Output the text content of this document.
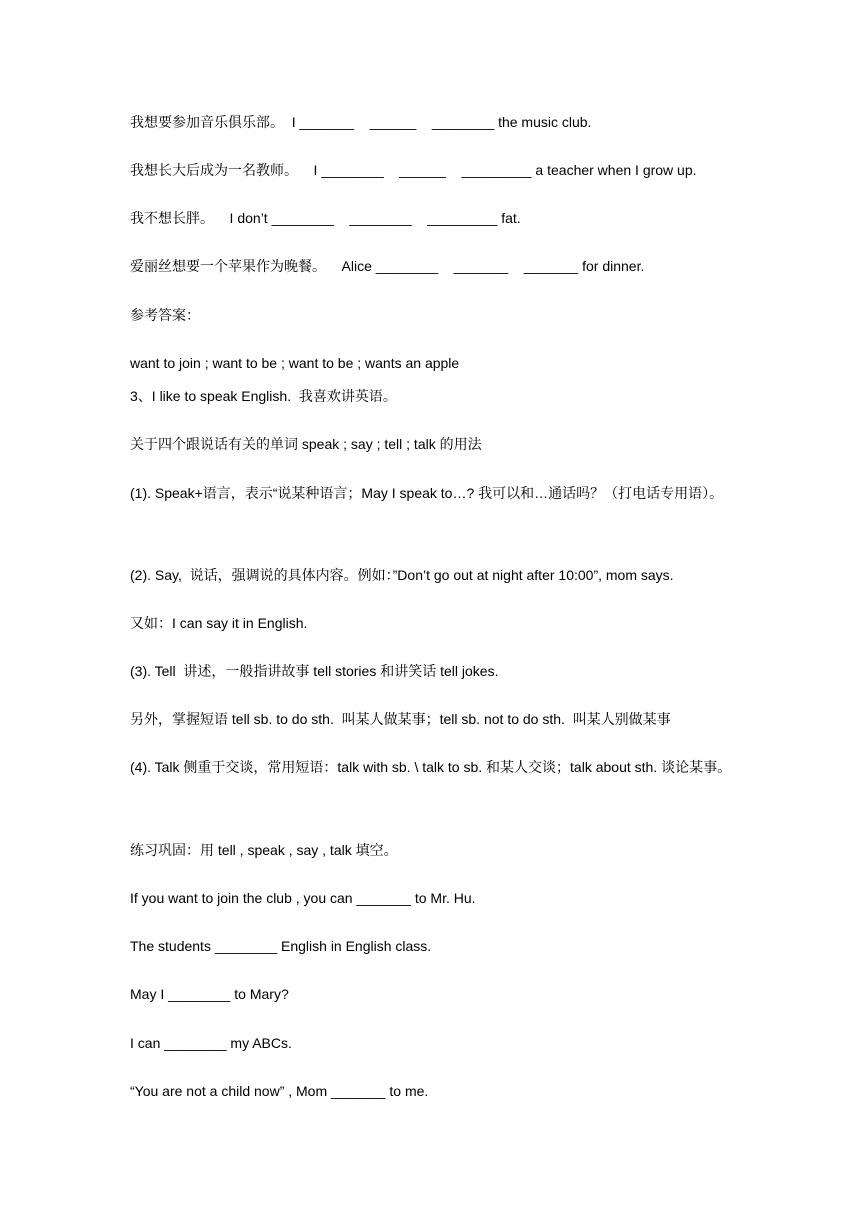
我想要参加音乐俱乐部。  I _______    ______    ________ the music club.
我想长大后成为一名教师。    I ________    ______    _________ a teacher when I grow up.
我不想长胖。    I don’t ________    ________    _________ fat.
爱丽丝想要一个苹果作为晚餐。    Alice ________    _______    _______ for dinner.
参考答案：
want to join ; want to be ; want to be ; wants an apple
3、I like to speak English.  我喜欢讲英语。
关于四个跟说话有关的单词 speak ; say ; tell ; talk 的用法
(1). Speak+语言，表示“说某种语言；May I speak to…? 我可以和…通话吗？（打电话专用语）。
(2). Say,  说话，强调说的具体内容。例如：”Don’t go out at night after 10:00”, mom says.
又如：I can say it in English.
(3). Tell  讲述，一般指讲故事 tell stories 和讲笑话 tell jokes.
另外，掌握短语 tell sb. to do sth.  叫某人做某事；tell sb. not to do sth.  叫某人别做某事
(4). Talk 侧重于交谈，常用短语：talk with sb. \ talk to sb. 和某人交谈；talk about sth. 谈论某事。
练习巩固：用 tell , speak , say , talk 填空。
If you want to join the club , you can _______ to Mr. Hu.
The students ________ English in English class.
May I ________ to Mary?
I can ________ my ABCs.
“You are not a child now” , Mom _______ to me.
